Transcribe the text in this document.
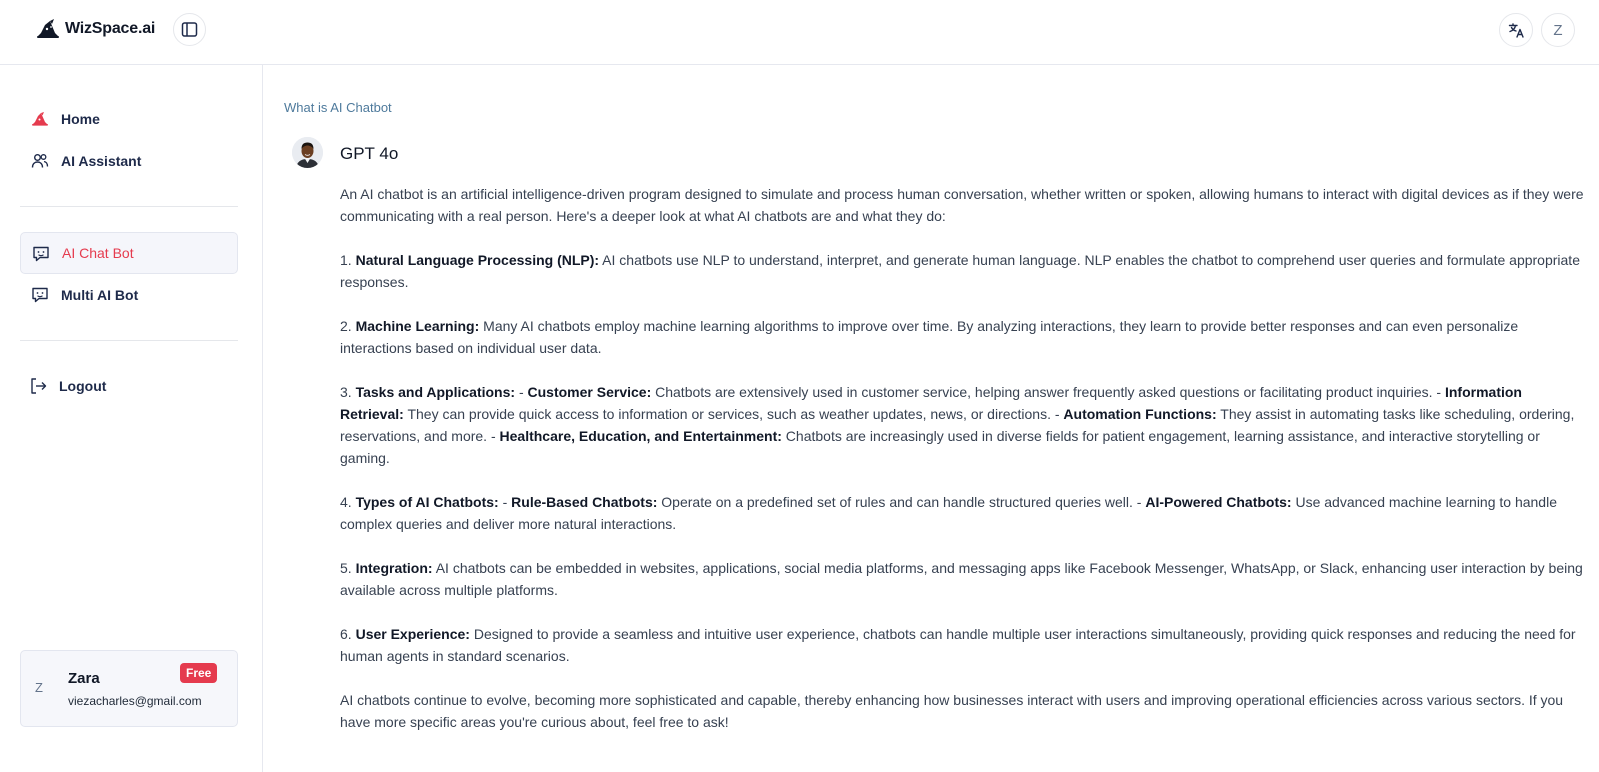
WizSpace.ai	Z
Home
AI Assistant
AI Chat Bot
Multi AI Bot
Logout
Z
Zara
viezacharles@gmail.com
Free
What is AI Chatbot
GPT 4o

An AI chatbot is an artificial intelligence-driven program designed to simulate and process human conversation, whether written or spoken, allowing humans to interact with digital devices as if they were communicating with a real person. Here's a deeper look at what AI chatbots are and what they do:

1. Natural Language Processing (NLP): AI chatbots use NLP to understand, interpret, and generate human language. NLP enables the chatbot to comprehend user queries and formulate appropriate responses.

2. Machine Learning: Many AI chatbots employ machine learning algorithms to improve over time. By analyzing interactions, they learn to provide better responses and can even personalize interactions based on individual user data.

3. Tasks and Applications: - Customer Service: Chatbots are extensively used in customer service, helping answer frequently asked questions or facilitating product inquiries. - Information Retrieval: They can provide quick access to information or services, such as weather updates, news, or directions. - Automation Functions: They assist in automating tasks like scheduling, ordering, reservations, and more. - Healthcare, Education, and Entertainment: Chatbots are increasingly used in diverse fields for patient engagement, learning assistance, and interactive storytelling or gaming.

4. Types of AI Chatbots: - Rule-Based Chatbots: Operate on a predefined set of rules and can handle structured queries well. - AI-Powered Chatbots: Use advanced machine learning to handle complex queries and deliver more natural interactions.

5. Integration: AI chatbots can be embedded in websites, applications, social media platforms, and messaging apps like Facebook Messenger, WhatsApp, or Slack, enhancing user interaction by being available across multiple platforms.

6. User Experience: Designed to provide a seamless and intuitive user experience, chatbots can handle multiple user interactions simultaneously, providing quick responses and reducing the need for human agents in standard scenarios.

AI chatbots continue to evolve, becoming more sophisticated and capable, thereby enhancing how businesses interact with users and improving operational efficiencies across various sectors. If you have more specific areas you're curious about, feel free to ask!
